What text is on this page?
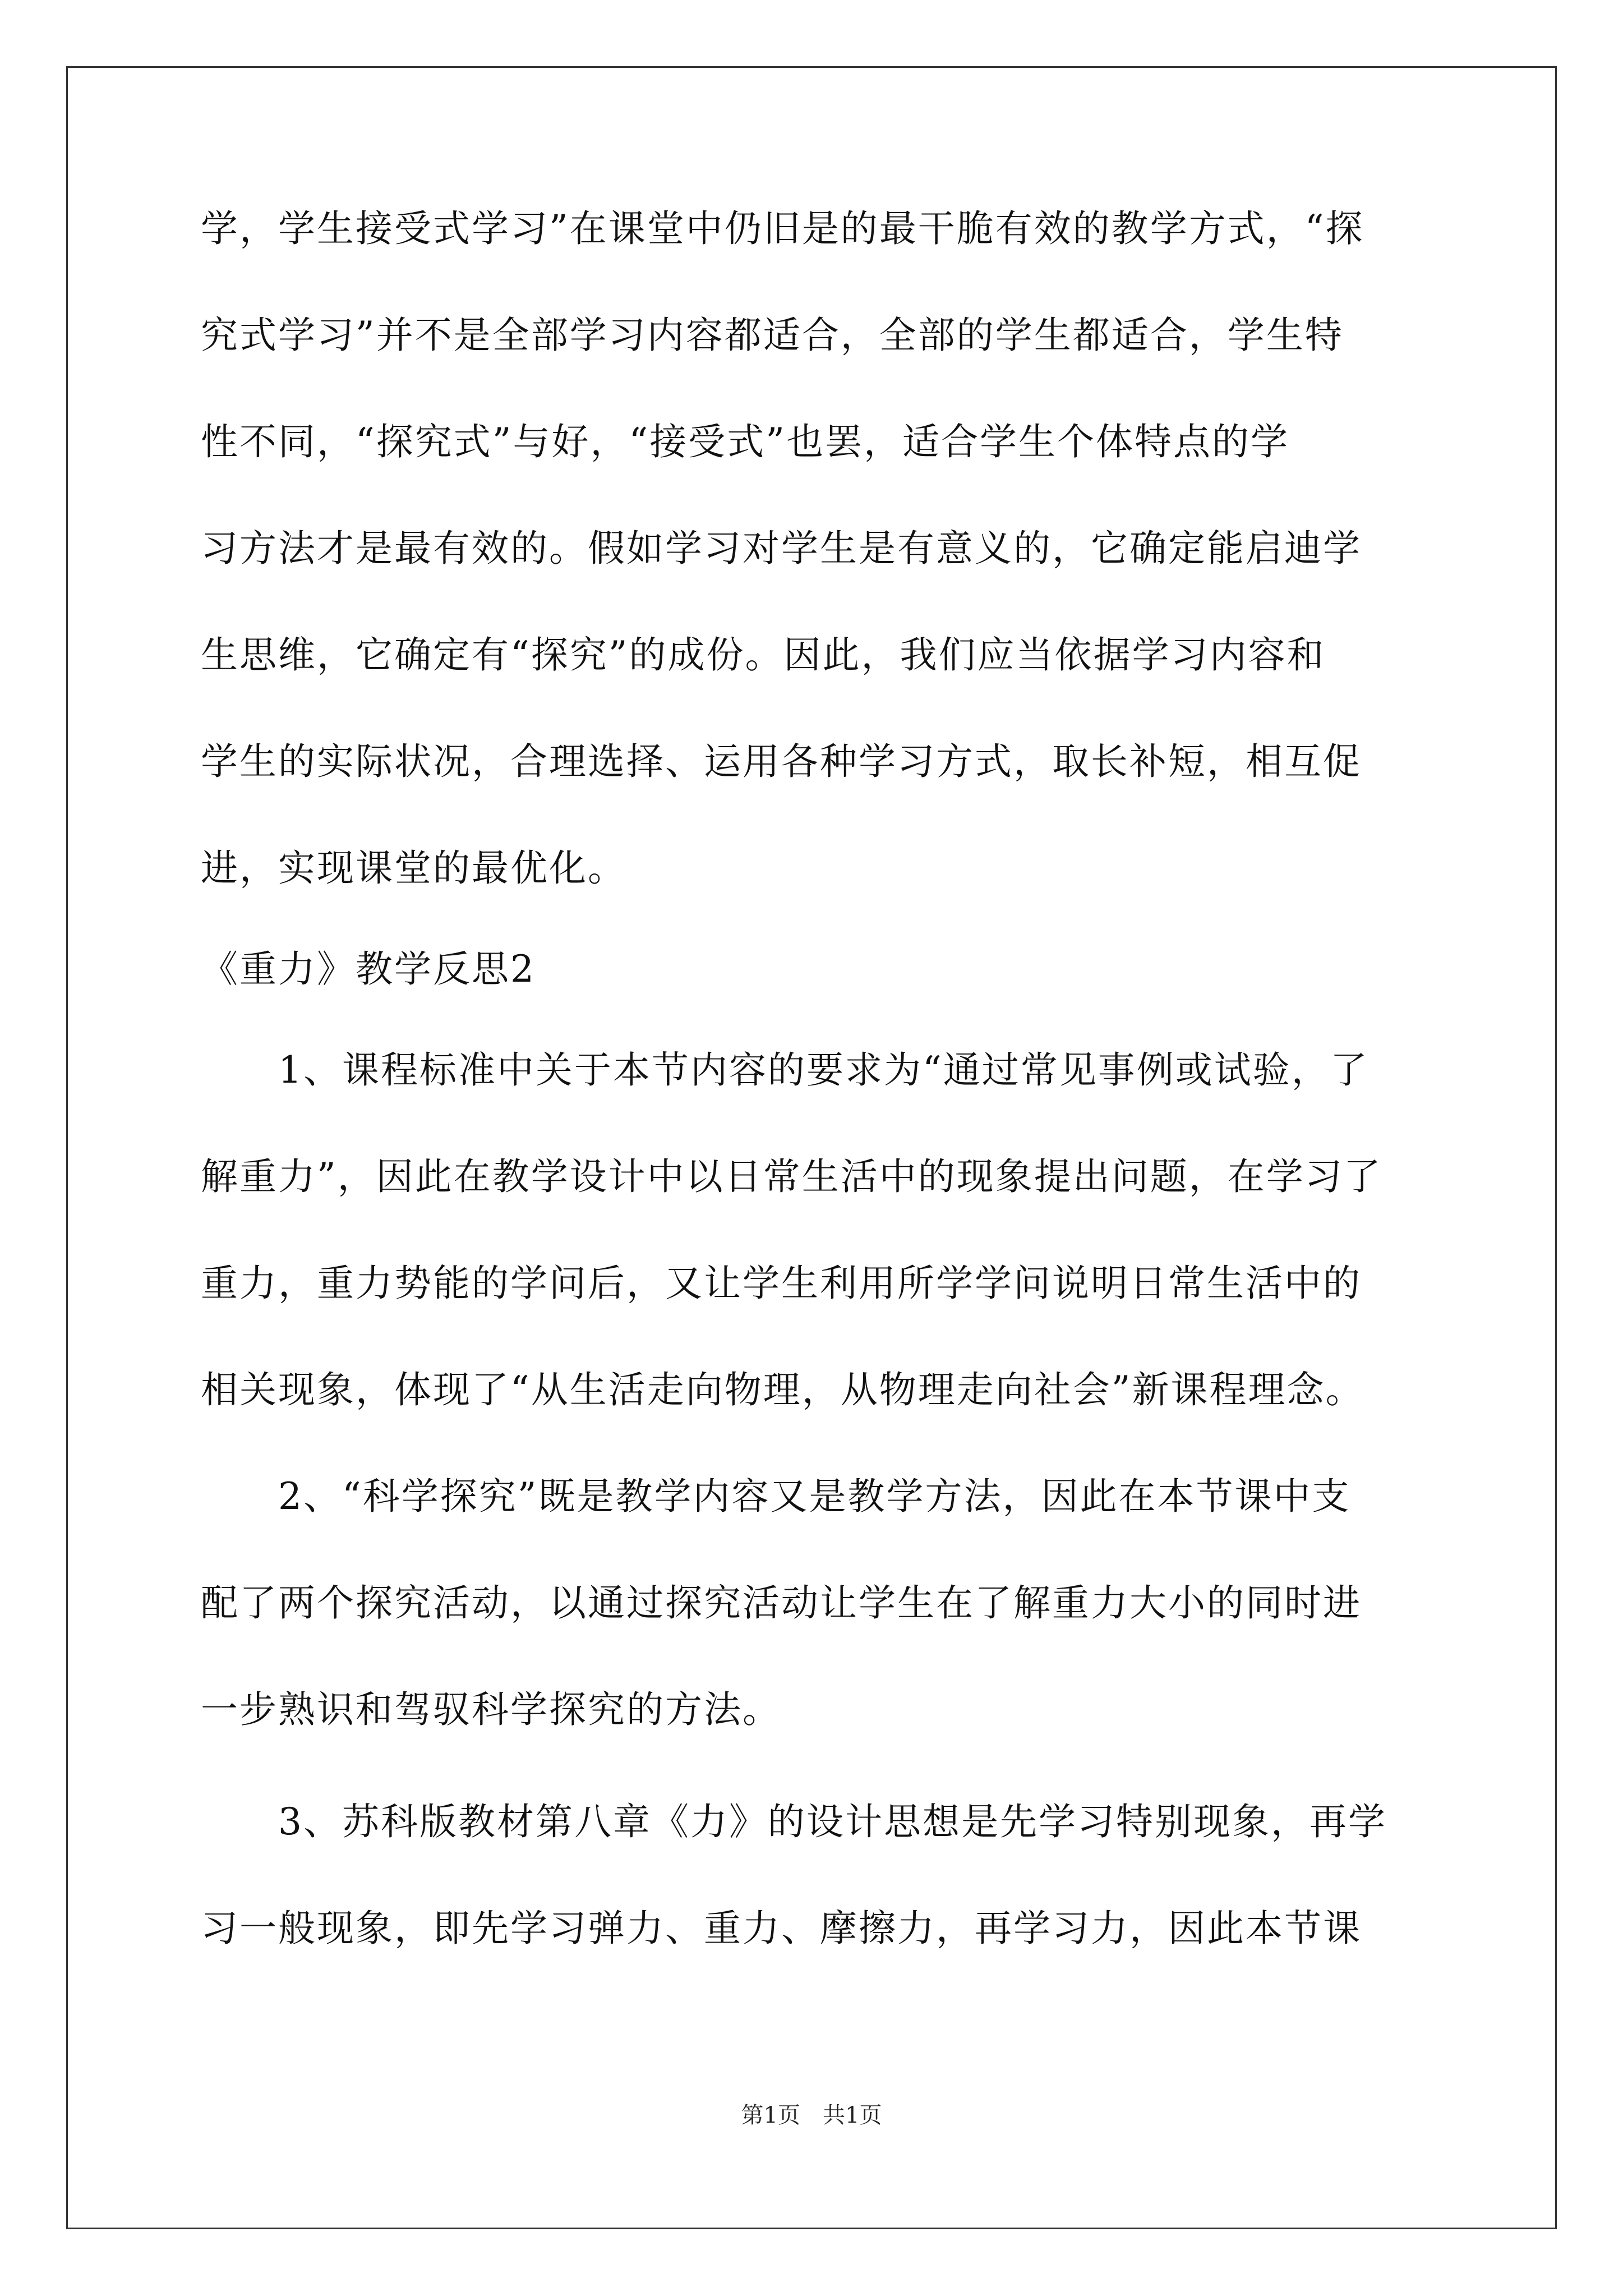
学，学生接受式学习”在课堂中仍旧是的最干脆有效的教学方式，“探
究式学习”并不是全部学习内容都适合，全部的学生都适合，学生特
性不同，“探究式”与好，“接受式”也罢，适合学生个体特点的学
习方法才是最有效的。假如学习对学生是有意义的，它确定能启迪学
生思维，它确定有“探究”的成份。因此，我们应当依据学习内容和
学生的实际状况，合理选择、运用各种学习方式，取长补短，相互促
进，实现课堂的最优化。
《重力》教学反思2
　　1、课程标准中关于本节内容的要求为“通过常见事例或试验，了
解重力”，因此在教学设计中以日常生活中的现象提出问题，在学习了
重力，重力势能的学问后，又让学生利用所学学问说明日常生活中的
相关现象，体现了“从生活走向物理，从物理走向社会”新课程理念。
　　2、“科学探究”既是教学内容又是教学方法，因此在本节课中支
配了两个探究活动，以通过探究活动让学生在了解重力大小的同时进
一步熟识和驾驭科学探究的方法。
　　3、苏科版教材第八章《力》的设计思想是先学习特别现象，再学
习一般现象，即先学习弹力、重力、摩擦力，再学习力，因此本节课
第1页　共1页
